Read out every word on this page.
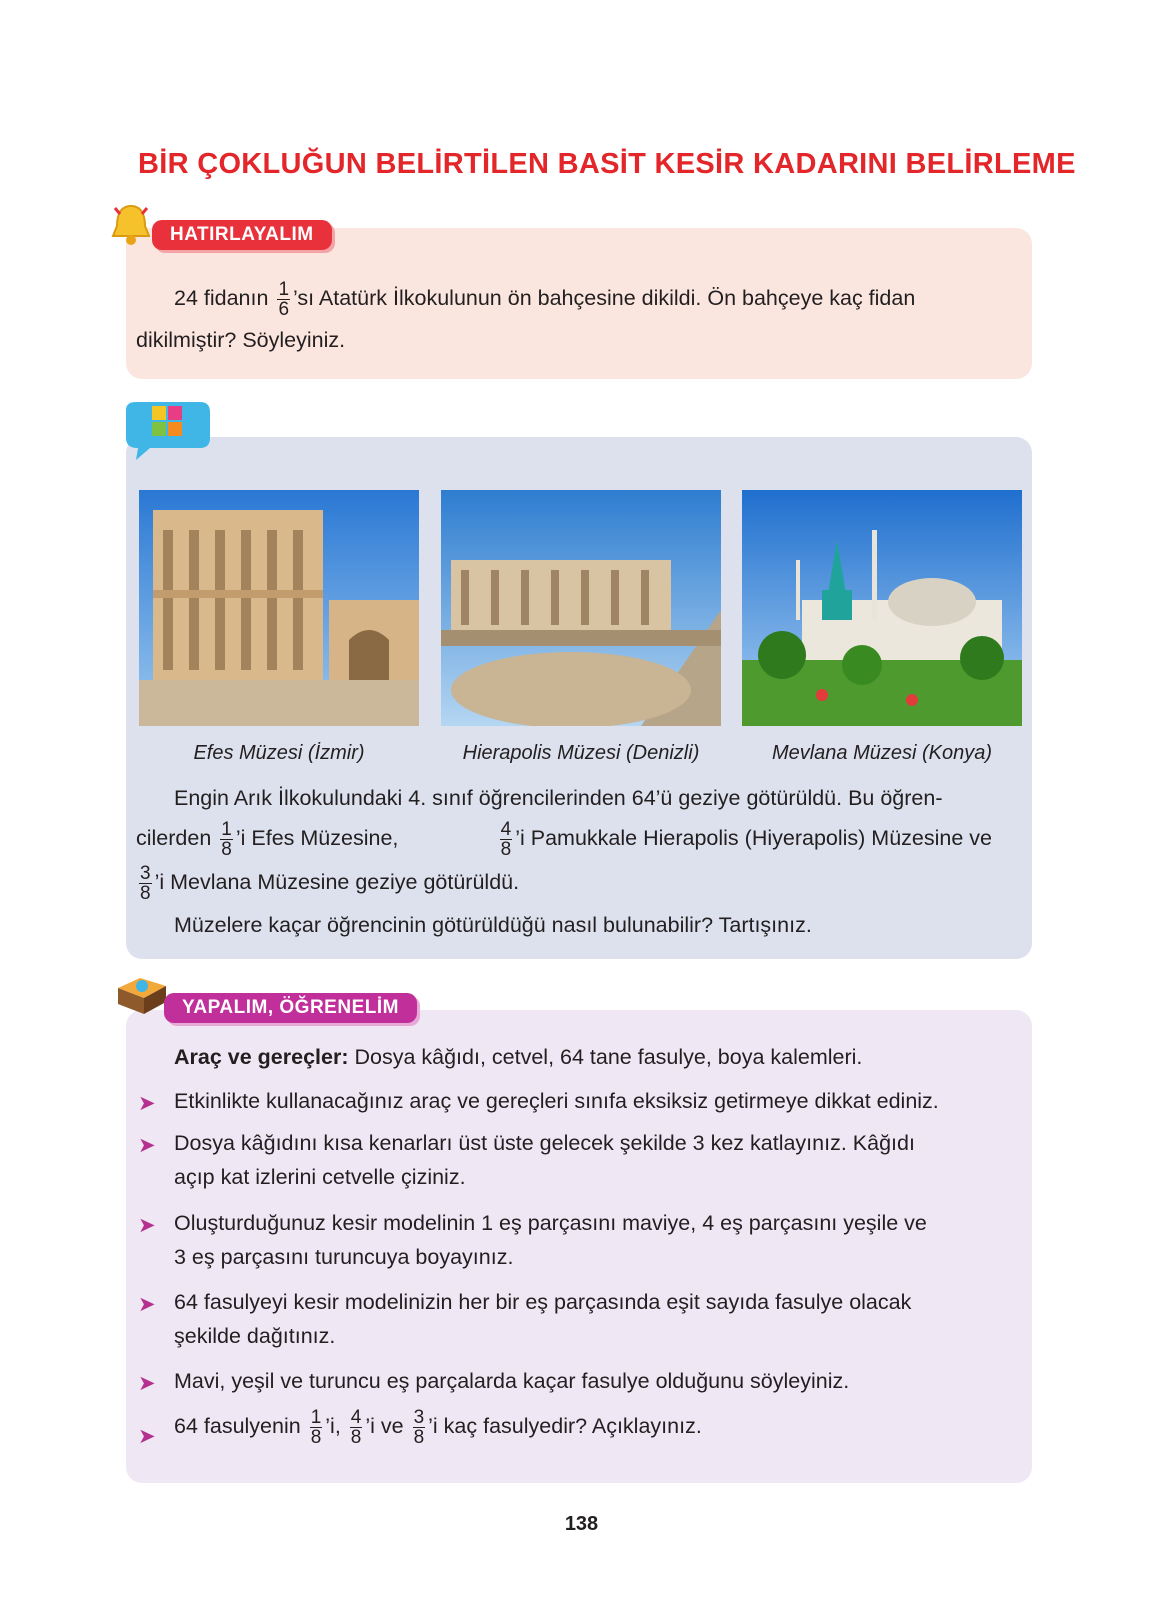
BİR ÇOKLUĞUN BELİRTİLEN BASİT KESİR KADARINI BELİRLEME
HATIRLAYALIM
24 fidanın $\frac{1}{6}$ ’sı Atatürk İlkokulunun ön bahçesine dikildi. Ön bahçeye kaç fidan
dikilmiştir? Söyleyiniz.
Efes Müzesi (İzmir)	Hierapolis Müzesi (Denizli)	Mevlana Müzesi (Konya)
Engin Arık İlkokulundaki 4. sınıf öğrencilerinden 64’ü geziye götürüldü. Bu öğren-
cilerden $\frac{1}{8}$ ’i Efes Müzesine,	$\frac{4}{8}$ ’i Pamukkale Hierapolis (Hiyerapolis) Müzesine ve
$\frac{3}{8}$ ’i Mevlana Müzesine geziye götürüldü.
Müzelere kaçar öğrencinin götürüldüğü nasıl bulunabilir? Tartışınız.
YAPALIM, ÖĞRENELİM
Araç ve gereçler: Dosya kâğıdı, cetvel, 64 tane fasulye, boya kalemleri.
➤ Etkinlikte kullanacağınız araç ve gereçleri sınıfa eksiksiz getirmeye dikkat ediniz.
➤ Dosya kâğıdını kısa kenarları üst üste gelecek şekilde 3 kez katlayınız. Kâğıdı
açıp kat izlerini cetvelle çiziniz.
➤ Oluşturduğunuz kesir modelinin 1 eş parçasını maviye, 4 eş parçasını yeşile ve
3 eş parçasını turuncuya boyayınız.
➤ 64 fasulyeyi kesir modelinizin her bir eş parçasında eşit sayıda fasulye olacak
şekilde dağıtınız.
➤ Mavi, yeşil ve turuncu eş parçalarda kaçar fasulye olduğunu söyleyiniz.
➤ 64 fasulyenin $\frac{1}{8}$ ’i, $\frac{4}{8}$ ’i ve $\frac{3}{8}$ ’i kaç fasulyedir? Açıklayınız.
138
